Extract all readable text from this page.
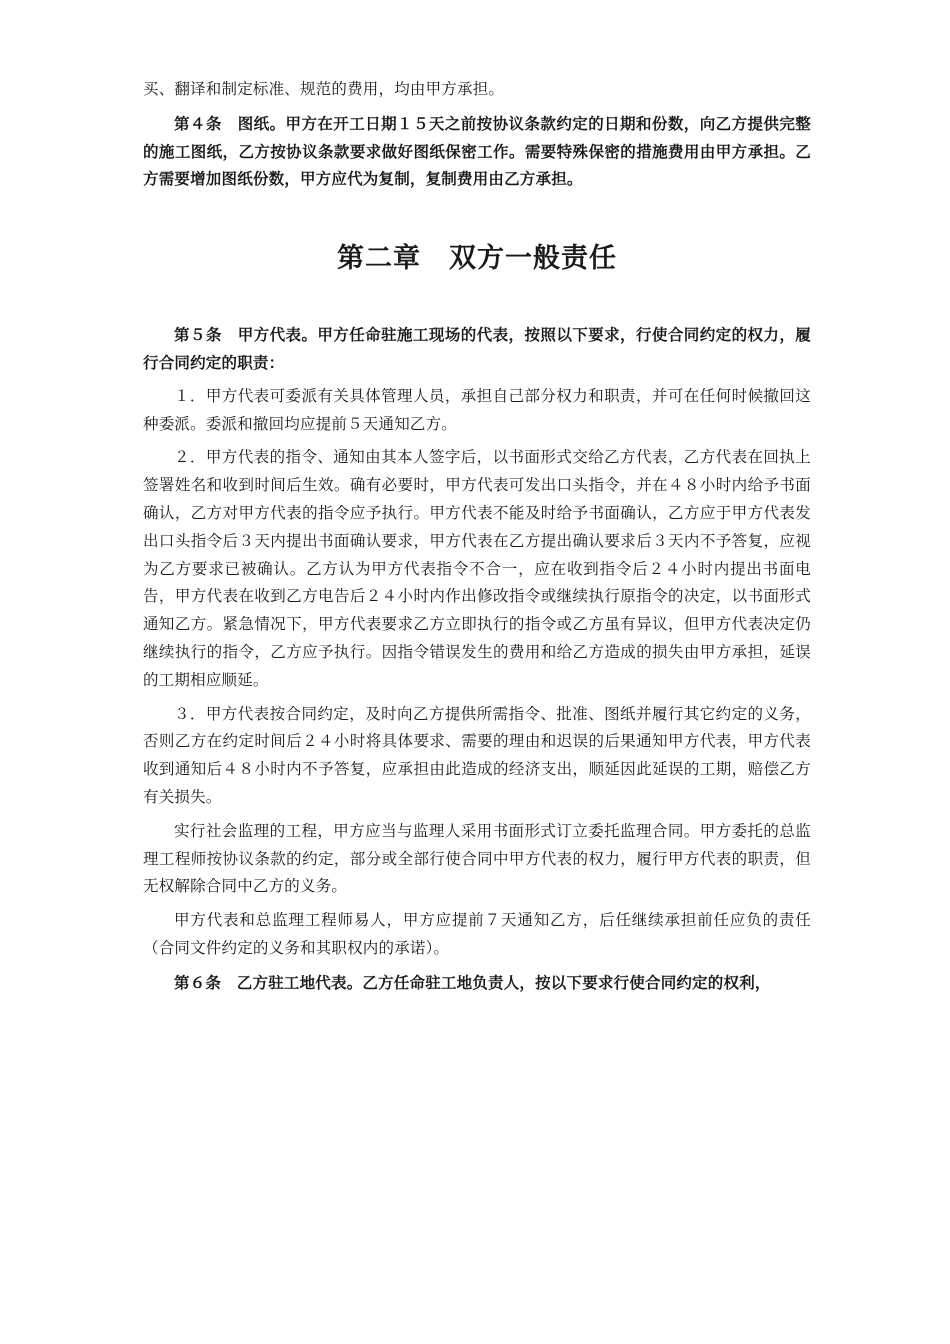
买、翻译和制定标准、规范的费用，均由甲方承担。

第４条　图纸。甲方在开工日期１５天之前按协议条款约定的日期和份数，向乙方提供完整的施工图纸，乙方按协议条款要求做好图纸保密工作。需要特殊保密的措施费用由甲方承担。乙方需要增加图纸份数，甲方应代为复制，复制费用由乙方承担。

第二章　双方一般责任

第５条　甲方代表。甲方任命驻施工现场的代表，按照以下要求，行使合同约定的权力，履行合同约定的职责：

１．甲方代表可委派有关具体管理人员，承担自己部分权力和职责，并可在任何时候撤回这种委派。委派和撤回均应提前５天通知乙方。

２．甲方代表的指令、通知由其本人签字后，以书面形式交给乙方代表，乙方代表在回执上签署姓名和收到时间后生效。确有必要时，甲方代表可发出口头指令，并在４８小时内给予书面确认，乙方对甲方代表的指令应予执行。甲方代表不能及时给予书面确认，乙方应于甲方代表发出口头指令后３天内提出书面确认要求，甲方代表在乙方提出确认要求后３天内不予答复，应视为乙方要求已被确认。乙方认为甲方代表指令不合一，应在收到指令后２４小时内提出书面电告，甲方代表在收到乙方电告后２４小时内作出修改指令或继续执行原指令的决定，以书面形式通知乙方。紧急情况下，甲方代表要求乙方立即执行的指令或乙方虽有异议，但甲方代表决定仍继续执行的指令，乙方应予执行。因指令错误发生的费用和给乙方造成的损失由甲方承担，延误的工期相应顺延。

３．甲方代表按合同约定，及时向乙方提供所需指令、批准、图纸并履行其它约定的义务，否则乙方在约定时间后２４小时将具体要求、需要的理由和迟误的后果通知甲方代表，甲方代表收到通知后４８小时内不予答复，应承担由此造成的经济支出，顺延因此延误的工期，赔偿乙方有关损失。

实行社会监理的工程，甲方应当与监理人采用书面形式订立委托监理合同。甲方委托的总监理工程师按协议条款的约定，部分或全部行使合同中甲方代表的权力，履行甲方代表的职责，但无权解除合同中乙方的义务。

甲方代表和总监理工程师易人，甲方应提前７天通知乙方，后任继续承担前任应负的责任（合同文件约定的义务和其职权内的承诺）。

第６条　乙方驻工地代表。乙方任命驻工地负责人，按以下要求行使合同约定的权利，
